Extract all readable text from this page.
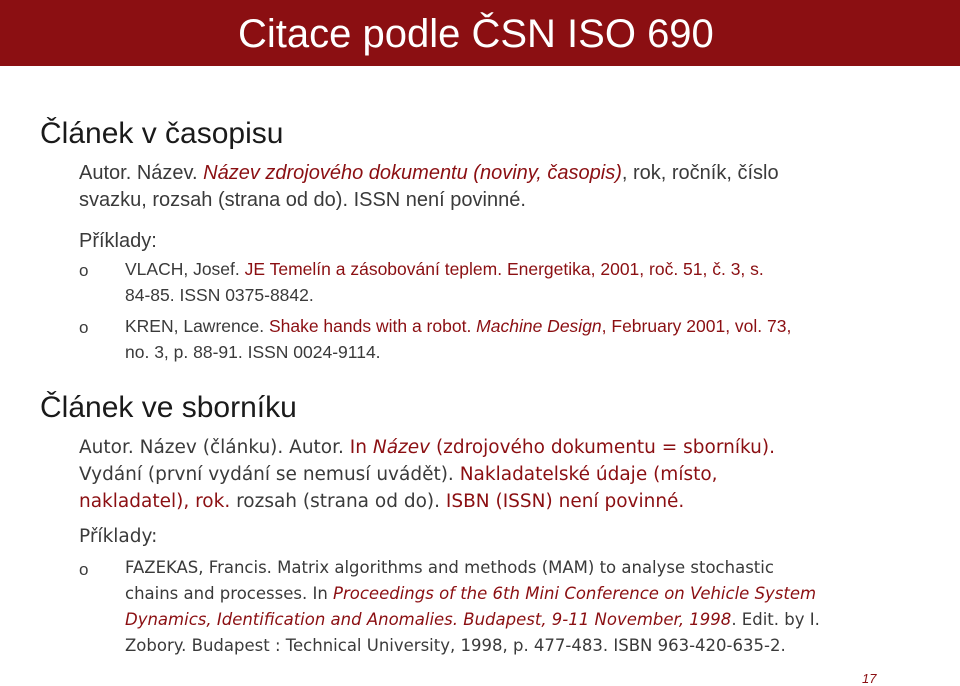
Citace podle ČSN ISO 690
Článek v časopisu
Autor. Název. Název zdrojového dokumentu (noviny, časopis), rok, ročník, číslo
svazku, rozsah (strana od do). ISSN není povinné.
Příklady:
o VLACH, Josef. JE Temelín a zásobování teplem. Energetika, 2001, roč. 51, č. 3, s.
84-85. ISSN 0375-8842.
o KREN, Lawrence. Shake hands with a robot. Machine Design, February 2001, vol. 73,
no. 3, p. 88-91. ISSN 0024-9114.
Článek ve sborníku
Autor. Název (článku). Autor. In Název (zdrojového dokumentu = sborníku).
Vydání (první vydání se nemusí uvádět). Nakladatelské údaje (místo,
nakladatel), rok. rozsah (strana od do). ISBN (ISSN) není povinné.
Příklady:
o FAZEKAS, Francis. Matrix algorithms and methods (MAM) to analyse stochastic
chains and processes. In Proceedings of the 6th Mini Conference on Vehicle System
Dynamics, Identification and Anomalies. Budapest, 9-11 November, 1998. Edit. by I.
Zobory. Budapest : Technical University, 1998, p. 477-483. ISBN 963-420-635-2.
17
